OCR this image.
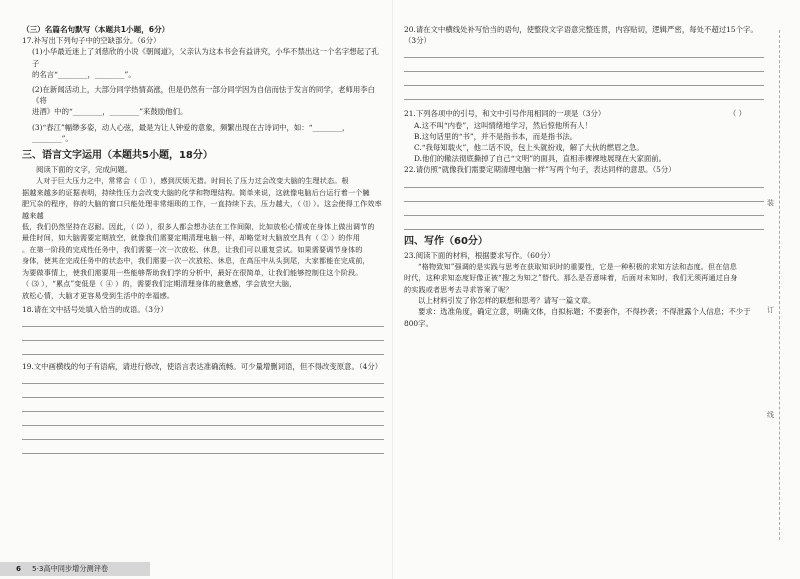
（三）名篇名句默写（本题共1小题，6分）

17.补写出下列句子中的空缺部分。（6分）

(1)小华最近迷上了刘慈欣的小说《朝闻道》，父亲认为这本书会有益讲究，小华不禁出这一个名字想起了孔子

的名言“________，________”。

(2)在新闻活动上，大部分同学热情高涨，但是仍然有一部分同学因为自信而怯于发言的同学，老师用李白《将

进酒》中的“________，________”来鼓励他们。

(3)“春江”幅缈多姿，动人心弦，最是为让人钟爱的意象，频繁出现在古诗词中，如：“________，________”。

三、语言文字运用（本题共5小题，18分）

阅读下面的文字，完成问题。

人对于巨大压力之中，常常会（ ① ），感到厌烦无措。时间长了压力过会改变大脑的生理状态。根

据越来越多的证据表明，持续性压力会改变大脑的化学和物理结构。简单来说，这就像电脑后台运行着一个臃

肥冗杂的程序，你的大脑的窗口只能处理非常细琐的工作，一直持续下去，压力越大，（ ⑴ ）。这会使得工作效率越来越

低，我们仍然坚持在忍耐。因此，（ ⑵ ），很多人都会想办法在工作间隙，比如放松心情或在身体上做出调节的

最佳时间，如大脑需要定期放空，就像我们需要定期清理电脑一样，却略觉对大脑放空具有（ ② ）的作用

。在第一阶段的完成性任务中，我们需要一次一次放松、休息，让我们可以重复尝试。如果需要调节身体的

身体，使其在完成任务中的状态中，我们需要一次一次放松、休息，在高压中从头到尾，大家都能在完成前，

为要做事情上，使我们需要用一些能够帮助我们学的分析中，最好在很简单，让我们能够控制住这个阶段。

（ ⑶ ），“累点”变低是（ ④ ）的，需要我们定期清理身体的疲惫感，学会放空大脑，

放松心情，大脑才更容易受到生活中的幸福感。

18.请在文中括号处填入恰当的成语。（3分）

19.文中画横线的句子有语病，请进行修改，使语言表达准确流畅。可少量增删词语，但不得改变原意。（4分）

20.请在文中横线处补写恰当的语句，使整段文字语意完整连贯，内容贴切，逻辑严密，每处不超过15个字。

（3分）

21.下列各项中的引号，和文中引号作用相同的一项是（3分）	（ ）

A.这不叫“内卷”，这叫情绪地学习，然后惊他所有人！

B.这句话里的“书”，并不是指书本，而是指书法。

C.“我每知载火”，他二话不说，包上头就扮戏，解了大伙的燃眉之急。

D.他们的辙法彻底撕掉了自己“文明”的面具，直相赤裸裸地展现在大家面前。

22.请仿照“就像我们需要定期清理电脑一样”写两个句子，表达同样的意思。（5分）

四、写作（60分）

23.阅读下面的材料，根据要求写作。（60分）

“格物致知”强调的是实践与思考在获取知识时的重要性，它是一种积极的求知方法和态度。但在信息

时代，这种求知态度好像正被“搜之为知之”替代。那么是否意味着，后面对未知时，我们无须再通过自身

的实践或者思考去寻求答案了呢？

以上材料引发了你怎样的联想和思考？请写一篇文章。

要求：选准角度，确定立意，明确文体，自拟标题；不要套作，不得抄袭；不得泄露个人信息；不少于800字。

装
订
线
6 5·3高中同步增分测评卷
